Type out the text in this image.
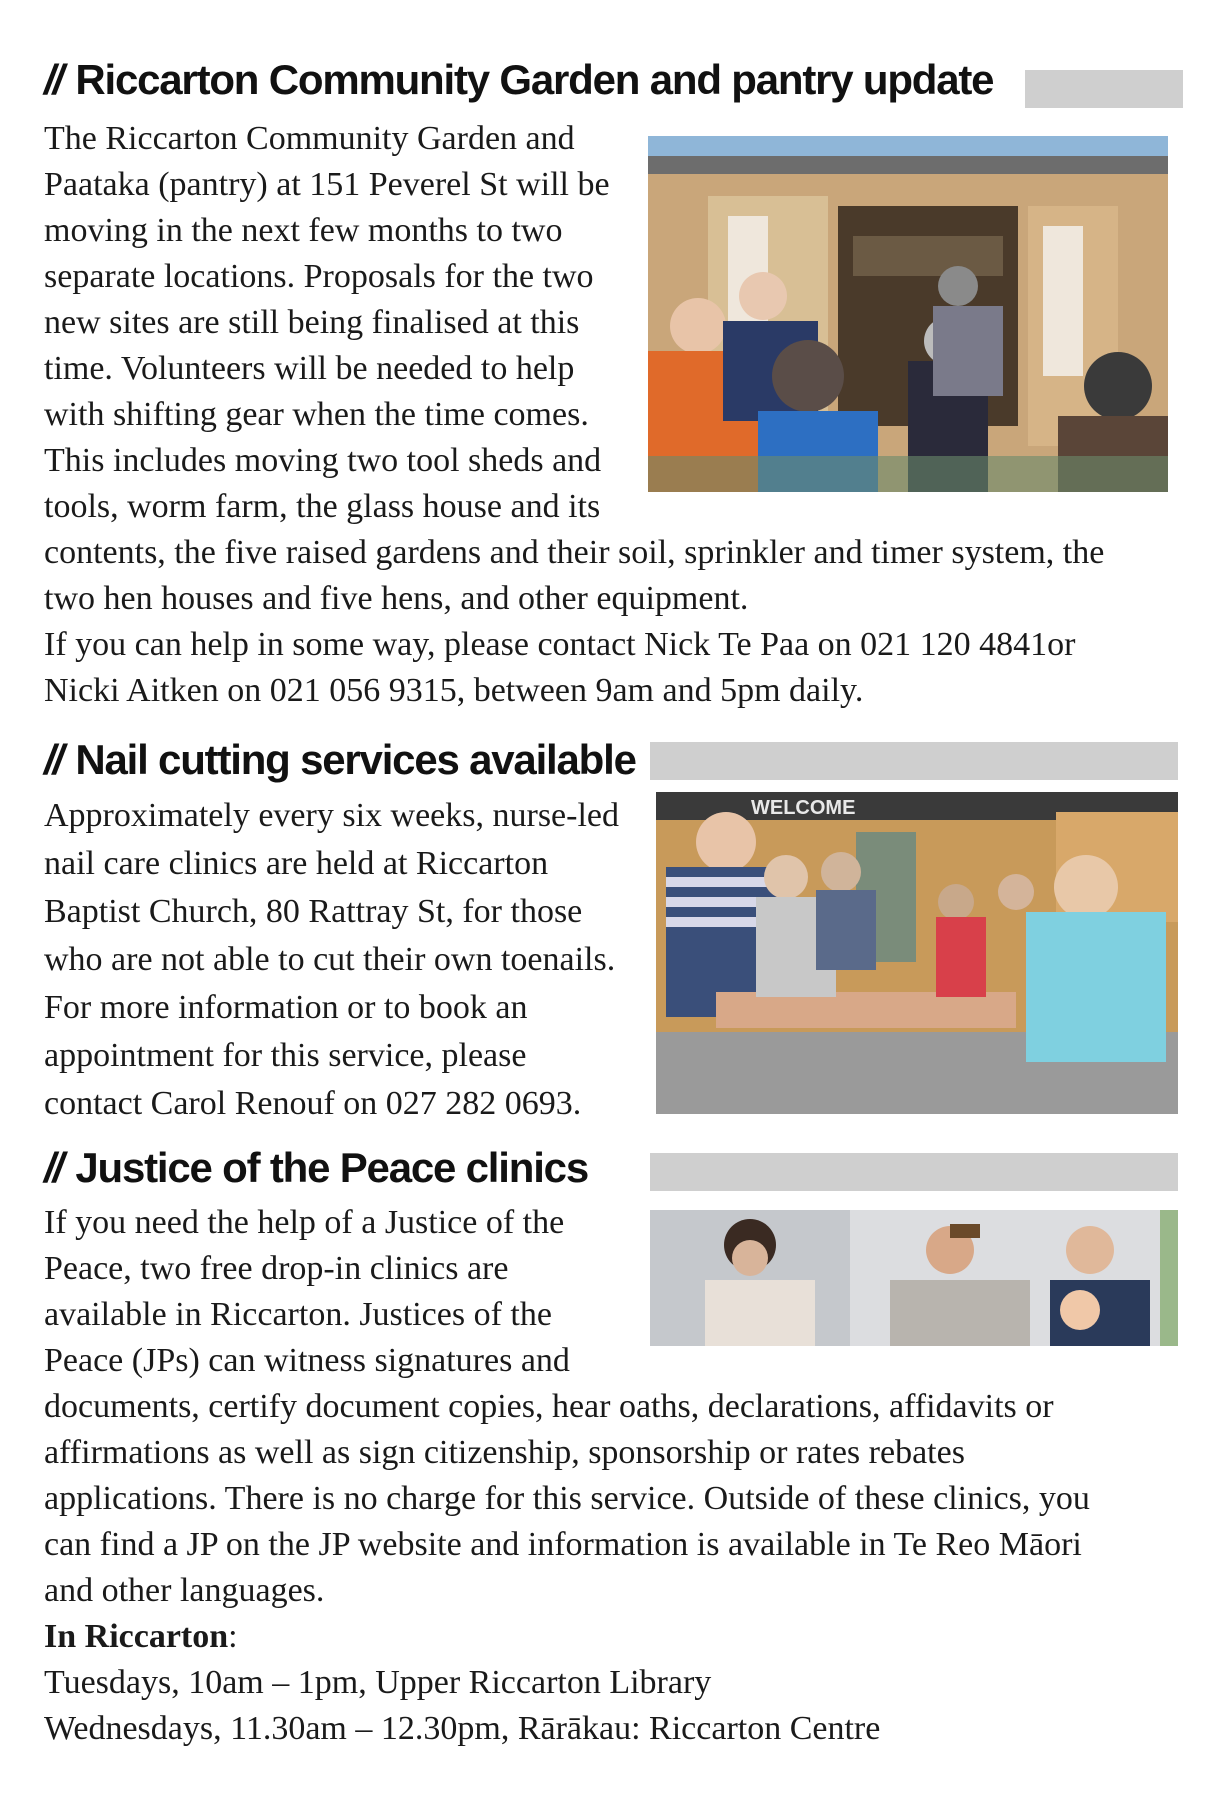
// Riccarton Community Garden and pantry update

The Riccarton Community Garden and

Paataka (pantry) at 151 Peverel St will be

moving in the next few months to two

separate locations. Proposals for the two

new sites are still being finalised at this

time. Volunteers will be needed to help

with shifting gear when the time comes.

This includes moving two tool sheds and

tools, worm farm, the glass house and its

contents, the five raised gardens and their soil, sprinkler and timer system, the

two hen houses and five hens, and other equipment.

If you can help in some way, please contact Nick Te Paa on 021 120 4841or

Nicki Aitken on 021 056 9315, between 9am and 5pm daily.

// Nail cutting services available
WELCOME

Approximately every six weeks, nurse-led

nail care clinics are held at Riccarton

Baptist Church, 80 Rattray St, for those

who are not able to cut their own toenails.

For more information or to book an

appointment for this service, please

contact Carol Renouf on 027 282 0693.

// Justice of the Peace clinics

If you need the help of a Justice of the

Peace, two free drop-in clinics are

available in Riccarton. Justices of the

Peace (JPs) can witness signatures and

documents, certify document copies, hear oaths, declarations, affidavits or

affirmations as well as sign citizenship, sponsorship or rates rebates

applications. There is no charge for this service. Outside of these clinics, you

can find a JP on the JP website and information is available in Te Reo Māori

and other languages.

In Riccarton:

Tuesdays, 10am – 1pm, Upper Riccarton Library

Wednesdays, 11.30am – 12.30pm, Rārākau: Riccarton Centre
